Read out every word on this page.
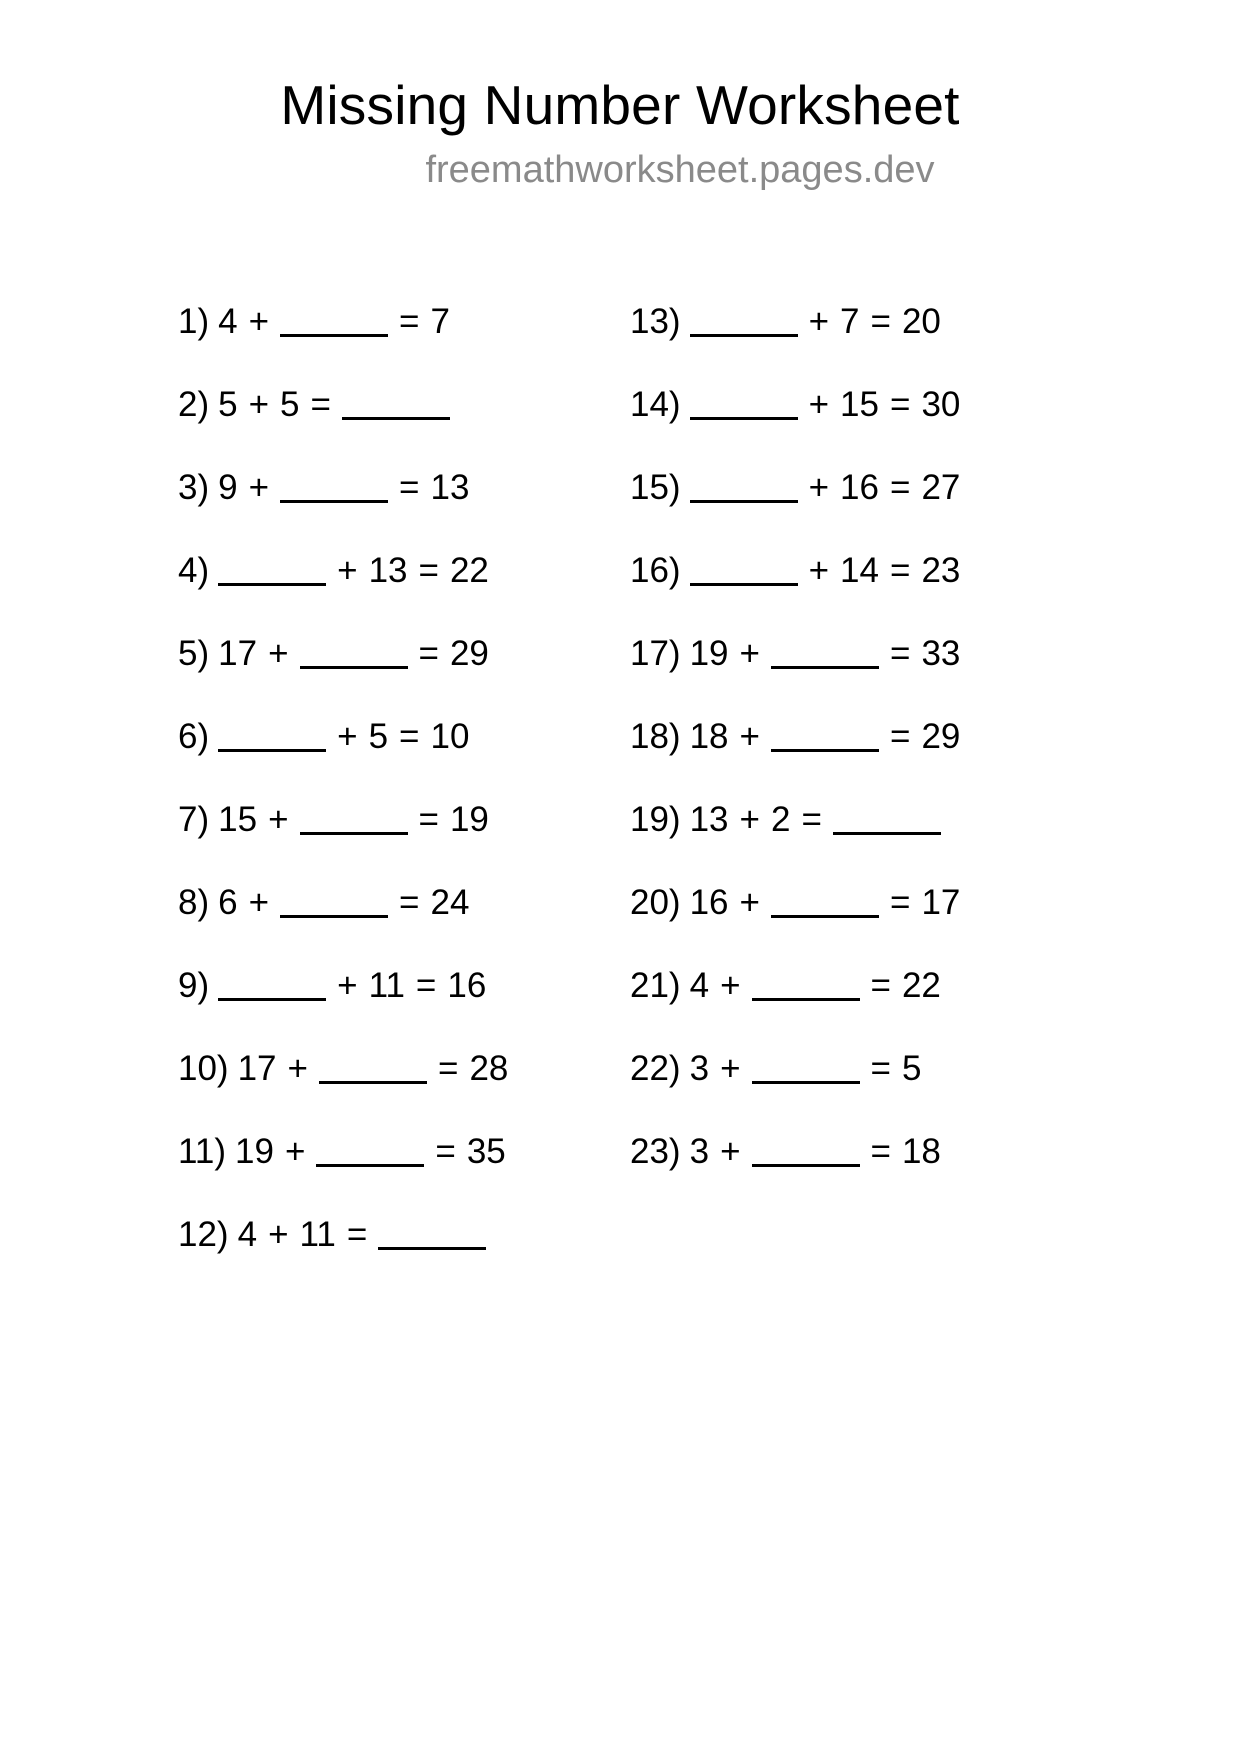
Missing Number Worksheet
freemathworksheet.pages.dev
1) 4 +	= 7
2) 5 + 5 =
3) 9 +	= 13
4)	+ 13 = 22
5) 17 +	= 29
6)	+ 5 = 10
7) 15 +	= 19
8) 6 +	= 24
9)	+ 11 = 16
10) 17 +	= 28
11) 19 +	= 35
12) 4 + 11 =
13)	+ 7 = 20
14)	+ 15 = 30
15)	+ 16 = 27
16)	+ 14 = 23
17) 19 +	= 33
18) 18 +	= 29
19) 13 + 2 =
20) 16 +	= 17
21) 4 +	= 22
22) 3 +	= 5
23) 3 +	= 18
